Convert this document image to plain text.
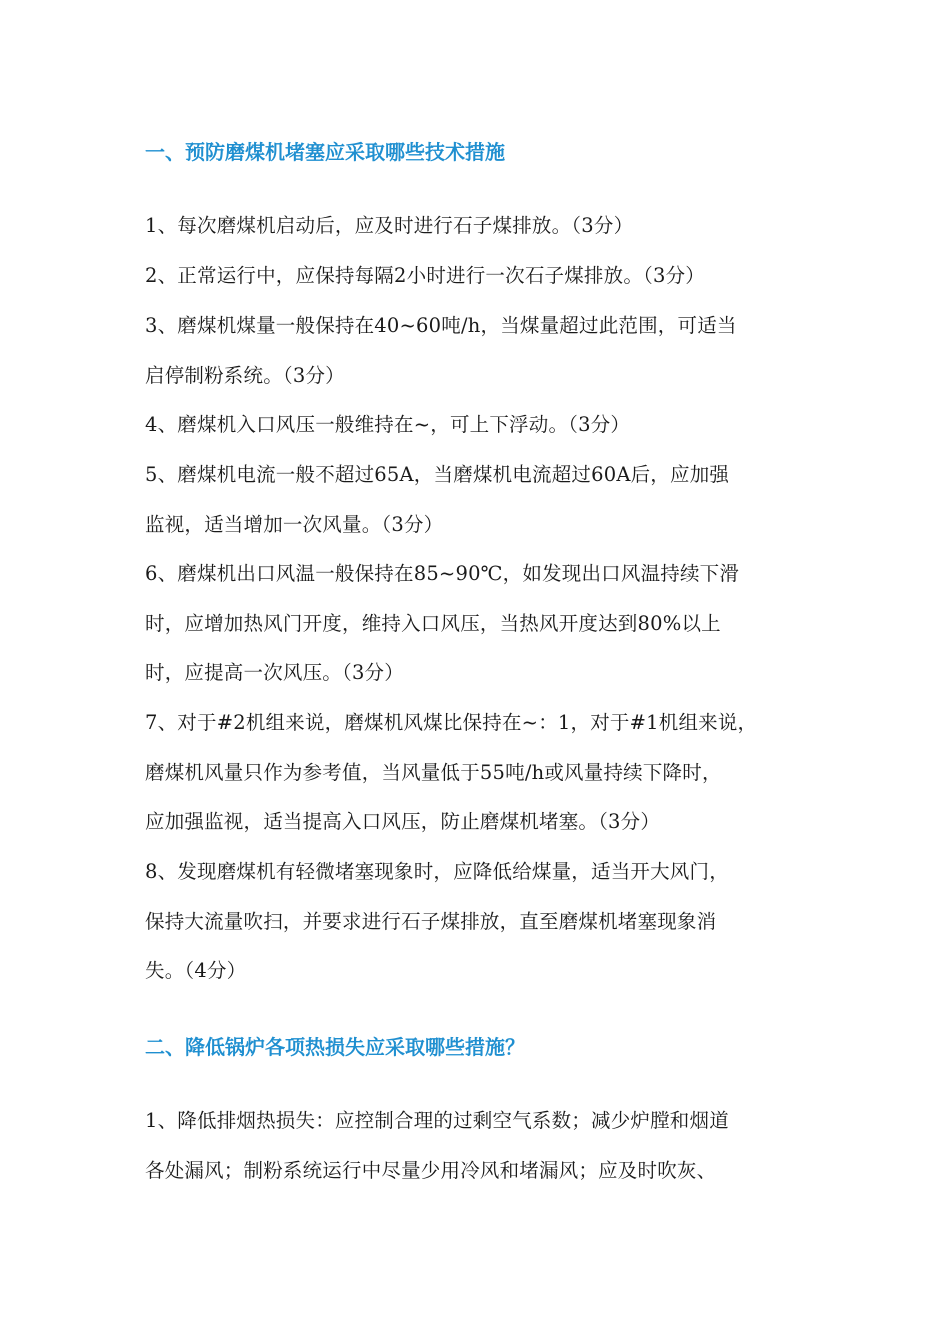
一、预防磨煤机堵塞应采取哪些技术措施
1、每次磨煤机启动后，应及时进行石子煤排放。（3分）
2、正常运行中，应保持每隔2小时进行一次石子煤排放。（3分）
3、磨煤机煤量一般保持在40~60吨/h，当煤量超过此范围，可适当
启停制粉系统。（3分）
4、磨煤机入口风压一般维持在~，可上下浮动。（3分）
5、磨煤机电流一般不超过65A，当磨煤机电流超过60A后，应加强
监视，适当增加一次风量。（3分）
6、磨煤机出口风温一般保持在85~90℃，如发现出口风温持续下滑
时，应增加热风门开度，维持入口风压，当热风开度达到80%以上
时，应提高一次风压。（3分）
7、对于#2机组来说，磨煤机风煤比保持在~：1，对于#1机组来说，
磨煤机风量只作为参考值，当风量低于55吨/h或风量持续下降时，
应加强监视，适当提高入口风压，防止磨煤机堵塞。（3分）
8、发现磨煤机有轻微堵塞现象时，应降低给煤量，适当开大风门，
保持大流量吹扫，并要求进行石子煤排放，直至磨煤机堵塞现象消
失。（4分）
二、降低锅炉各项热损失应采取哪些措施？
1、降低排烟热损失：应控制合理的过剩空气系数；减少炉膛和烟道
各处漏风；制粉系统运行中尽量少用冷风和堵漏风；应及时吹灰、
